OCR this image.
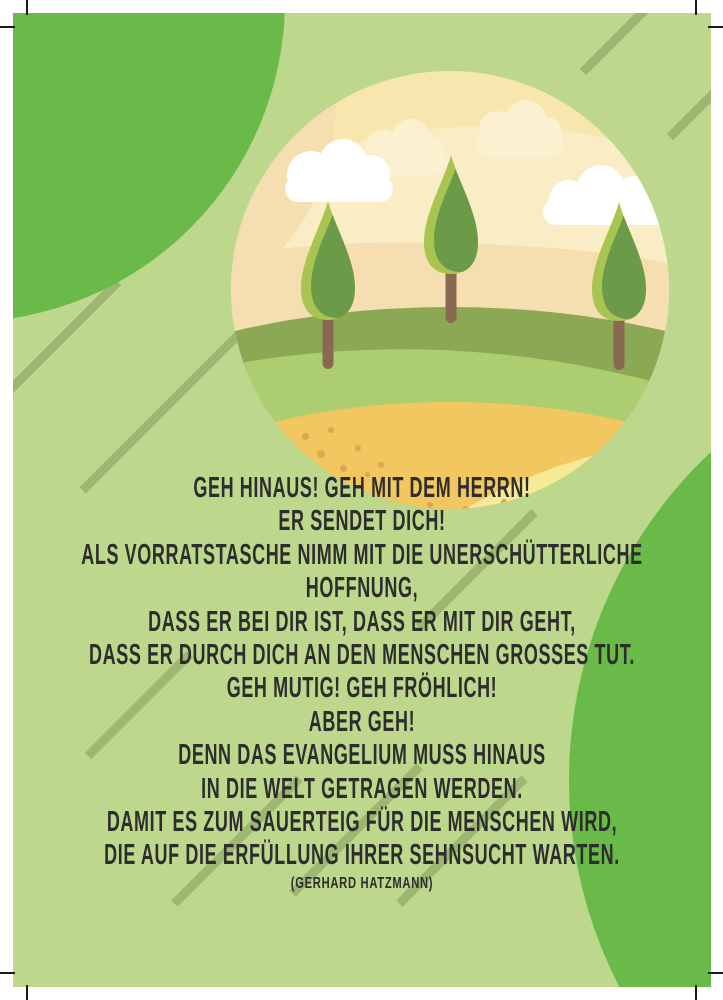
GEH HINAUS! GEH MIT DEM HERRN!
ER SENDET DICH!
ALS VORRATSTASCHE NIMM MIT DIE UNERSCHÜTTERLICHE
HOFFNUNG,
DASS ER BEI DIR IST, DASS ER MIT DIR GEHT,
DASS ER DURCH DICH AN DEN MENSCHEN GROSSES TUT.
GEH MUTIG! GEH FRÖHLICH!
ABER GEH!
DENN DAS EVANGELIUM MUSS HINAUS
IN DIE WELT GETRAGEN WERDEN.
DAMIT ES ZUM SAUERTEIG FÜR DIE MENSCHEN WIRD,
DIE AUF DIE ERFÜLLUNG IHRER SEHNSUCHT WARTEN.
(GERHARD HATZMANN)
